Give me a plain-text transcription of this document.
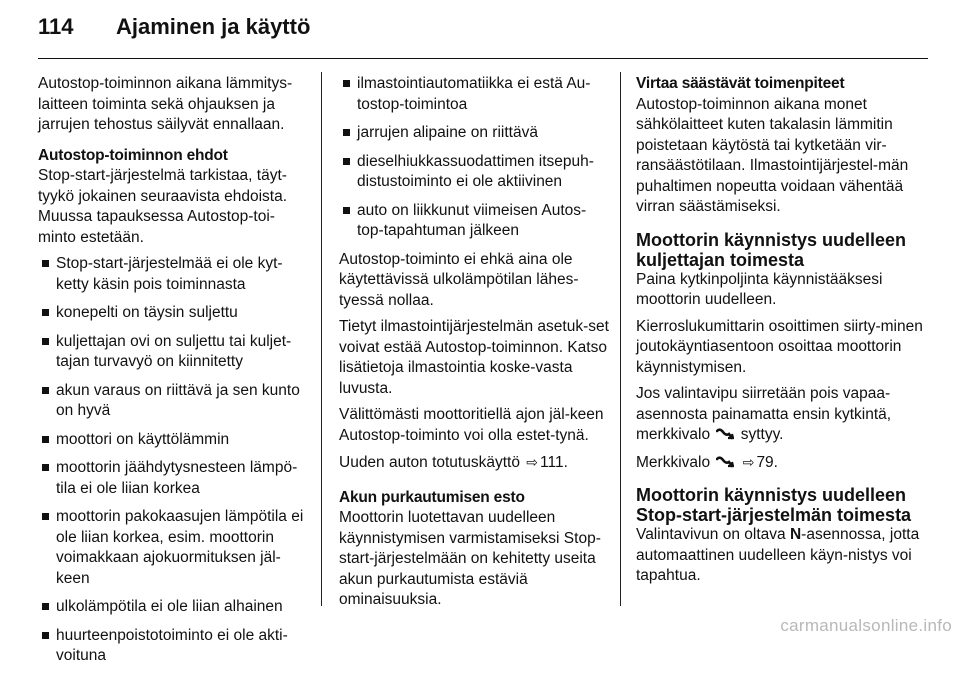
114 Ajaminen ja käyttö

Autostop-toiminnon aikana lämmitys-laitteen toiminta sekä ohjauksen ja jarrujen tehostus säilyvät ennallaan.

Autostop-toiminnon ehdot

Stop-start-järjestelmä tarkistaa, täyt-tyykö jokainen seuraavista ehdoista. Muussa tapauksessa Autostop-toi-minto estetään.

Stop-start-järjestelmää ei ole kyt-ketty käsin pois toiminnasta
konepelti on täysin suljettu
kuljettajan ovi on suljettu tai kuljet-tajan turvavyö on kiinnitetty
akun varaus on riittävä ja sen kunto on hyvä
moottori on käyttölämmin
moottorin jäähdytysnesteen lämpö-tila ei ole liian korkea
moottorin pakokaasujen lämpötila ei ole liian korkea, esim. moottorin voimakkaan ajokuormituksen jäl-keen
ulkolämpötila ei ole liian alhainen
huurteenpoistotoiminto ei ole akti-voituna
ilmastointiautomatiikka ei estä Au-tostop-toimintoa
jarrujen alipaine on riittävä
dieselhiukkassuodattimen itsepuh-distustoiminto ei ole aktiivinen
auto on liikkunut viimeisen Autos-top-tapahtuman jälkeen

Autostop-toiminto ei ehkä aina ole käytettävissä ulkolämpötilan lähes-tyessä nollaa.

Tietyt ilmastointijärjestelmän asetuk-set voivat estää Autostop-toiminnon. Katso lisätietoja ilmastointia koske-vasta luvusta.

Välittömästi moottoritiellä ajon jäl-keen Autostop-toiminto voi olla estet-tynä.

Uuden auton totutuskäyttö ⇨ 111.

Akun purkautumisen esto

Moottorin luotettavan uudelleen käynnistymisen varmistamiseksi Stop-start-järjestelmään on kehitetty useita akun purkautumista estäviä ominaisuuksia.

Virtaa säästävät toimenpiteet

Autostop-toiminnon aikana monet sähkölaitteet kuten takalasin lämmitin poistetaan käytöstä tai kytketään vir-ransäästötilaan. Ilmastointijärjestel-män puhaltimen nopeutta voidaan vähentää virran säästämiseksi.

Moottorin käynnistys uudelleen kuljettajan toimesta

Paina kytkinpoljinta käynnistääksesi moottorin uudelleen.

Kierroslukumittarin osoittimen siirty-minen joutokäyntiasentoon osoittaa moottorin käynnistymisen.

Jos valintavipu siirretään pois vapaa-asennosta painamatta ensin kytkintä, merkkivalo syttyy.

Merkkivalo ⇨ 79.

Moottorin käynnistys uudelleen Stop-start-järjestelmän toimesta

Valintavivun on oltava N-asennossa, jotta automaattinen uudelleen käyn-nistys voi tapahtua.

carmanualsonline.info
